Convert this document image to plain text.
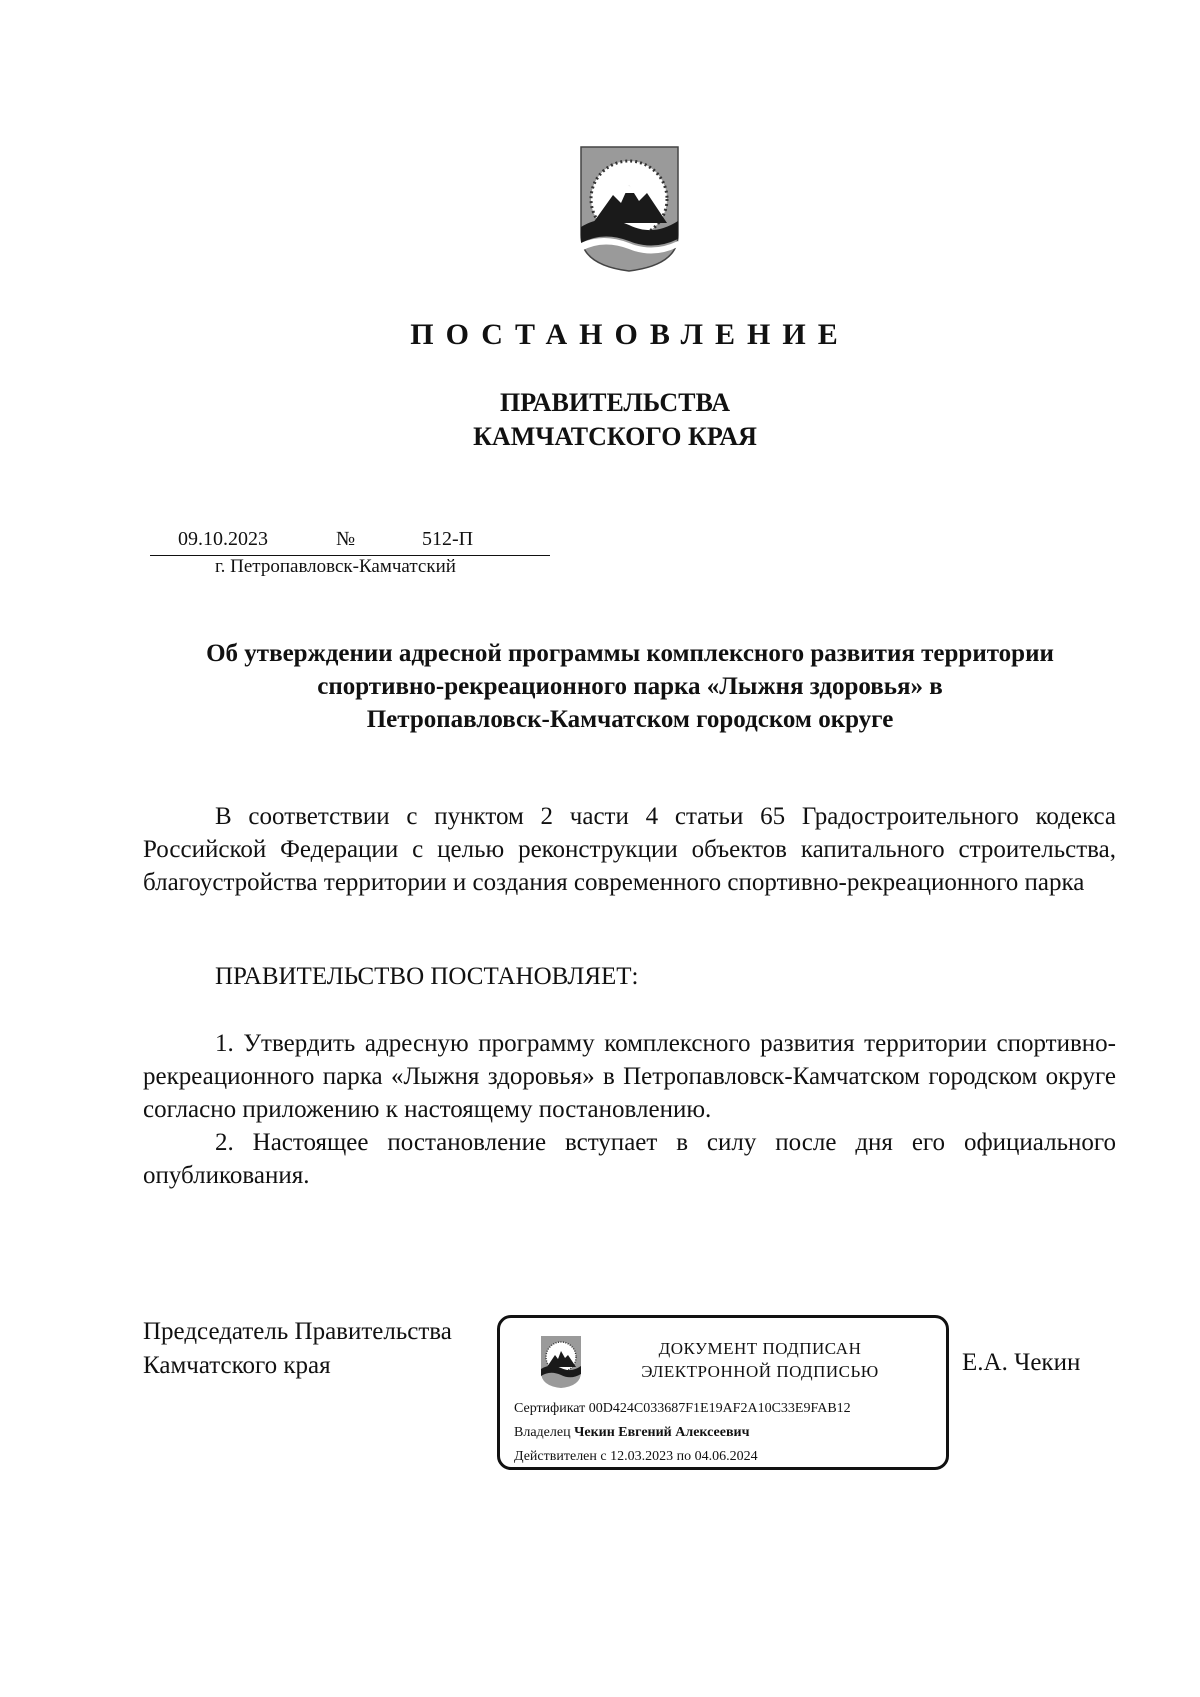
ПОСТАНОВЛЕНИЕ
ПРАВИТЕЛЬСТВА
КАМЧАТСКОГО КРАЯ
09.10.2023	№	512-П
г. Петропавловск-Камчатский
Об утверждении адресной программы комплексного развития территории
спортивно-рекреационного парка «Лыжня здоровья» в
Петропавловск-Камчатском городском округе

В соответствии с пунктом 2 части 4 статьи 65 Градостроительного кодекса Российской Федерации с целью реконструкции объектов капитального строительства, благоустройства территории и создания современного спортивно-рекреационного парка

ПРАВИТЕЛЬСТВО ПОСТАНОВЛЯЕТ:

1. Утвердить адресную программу комплексного развития территории спортивно-рекреационного парка «Лыжня здоровья» в Петропавловск-Камчатском городском округе согласно приложению к настоящему постановлению.

2. Настоящее постановление вступает в силу после дня его официального опубликования.

Председатель Правительства
Камчатского края
ДОКУМЕНТ ПОДПИСАН
ЭЛЕКТРОННОЙ ПОДПИСЬЮ
Сертификат 00D424C033687F1E19AF2A10C33E9FAB12
Владелец Чекин Евгений Алексеевич
Действителен с 12.03.2023 по 04.06.2024
Е.А. Чекин
